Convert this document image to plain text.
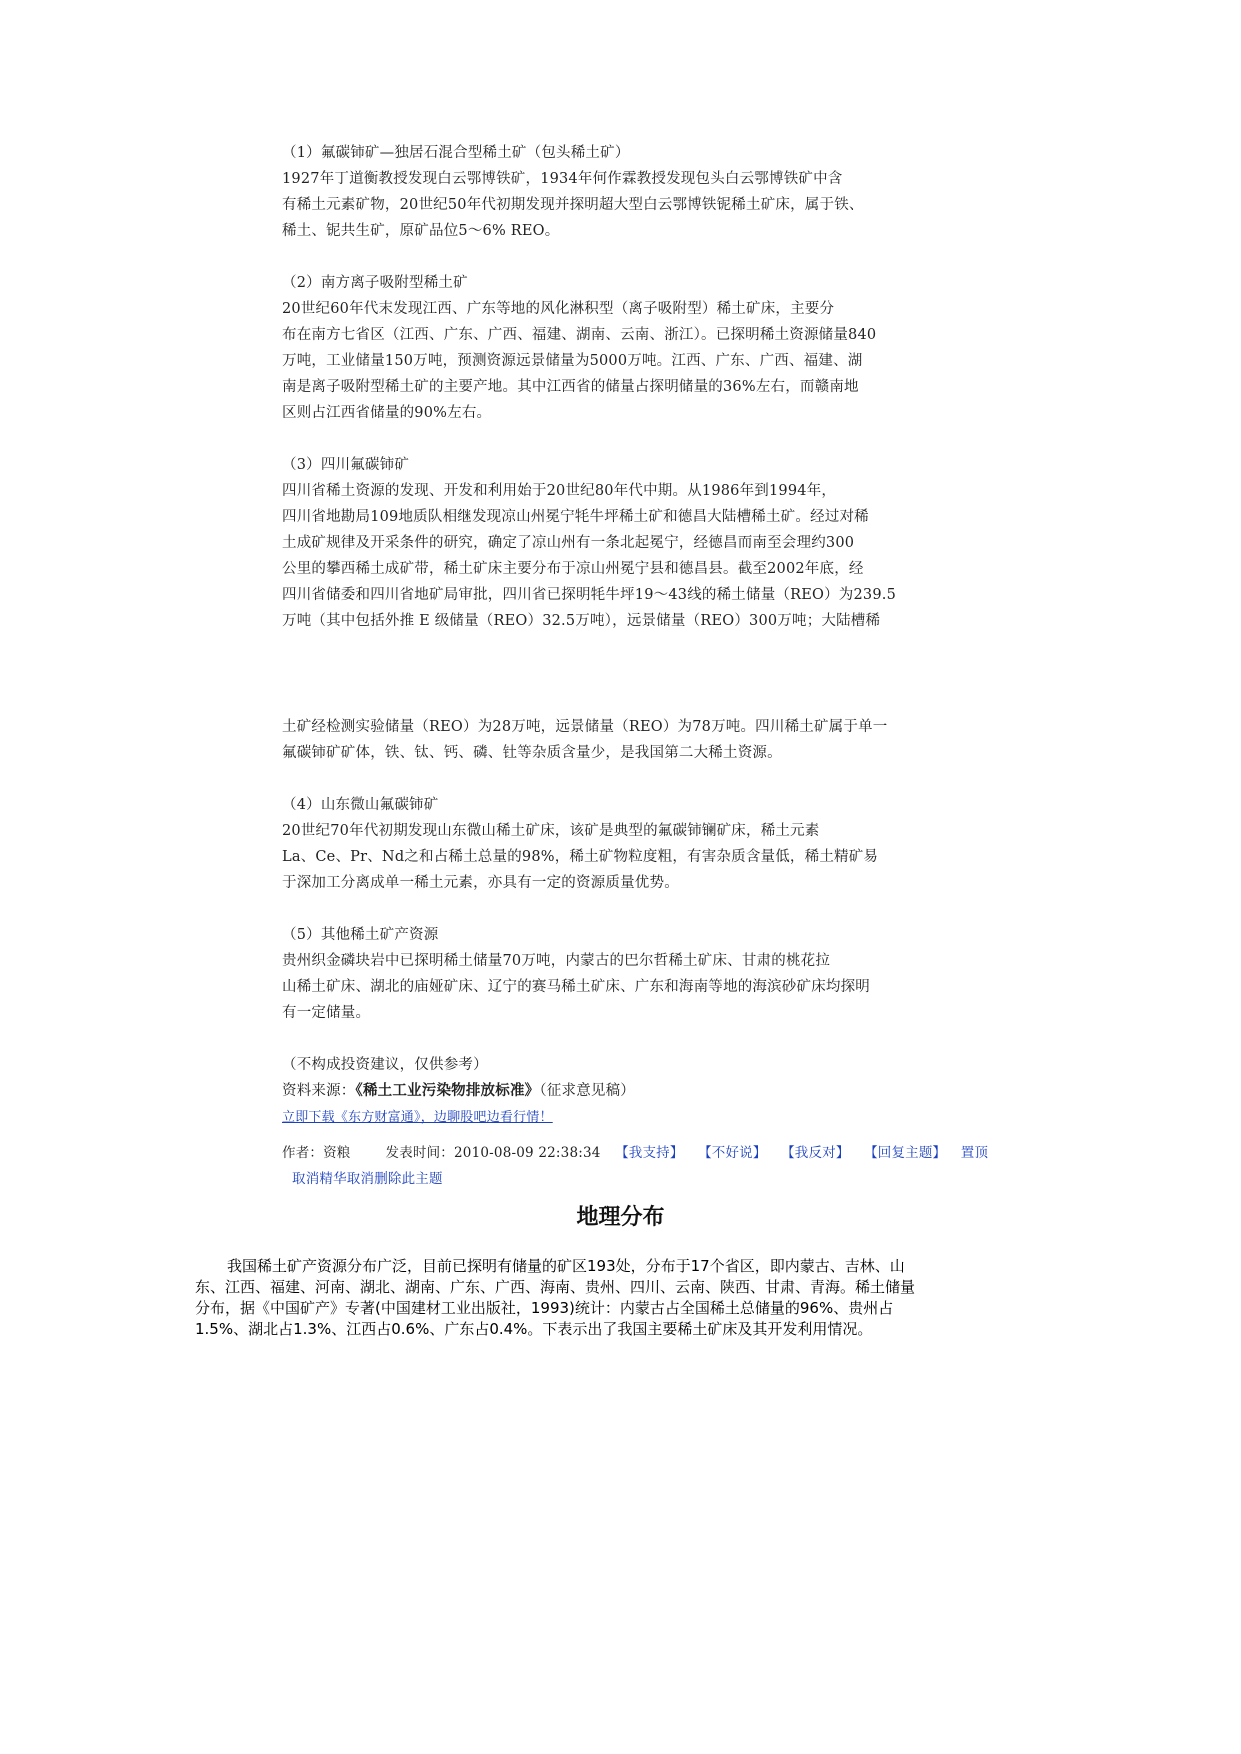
（1）氟碳铈矿—独居石混合型稀土矿（包头稀土矿）
1927年丁道衡教授发现白云鄂博铁矿，1934年何作霖教授发现包头白云鄂博铁矿中含
有稀土元素矿物，20世纪50年代初期发现并探明超大型白云鄂博铁铌稀土矿床，属于铁、
稀土、铌共生矿，原矿品位5～6% REO。
（2）南方离子吸附型稀土矿
20世纪60年代末发现江西、广东等地的风化淋积型（离子吸附型）稀土矿床，主要分
布在南方七省区（江西、广东、广西、福建、湖南、云南、浙江）。已探明稀土资源储量840
万吨，工业储量150万吨，预测资源远景储量为5000万吨。江西、广东、广西、福建、湖
南是离子吸附型稀土矿的主要产地。其中江西省的储量占探明储量的36%左右，而赣南地
区则占江西省储量的90%左右。
（3）四川氟碳铈矿
四川省稀土资源的发现、开发和利用始于20世纪80年代中期。从1986年到1994年，
四川省地勘局109地质队相继发现凉山州冕宁牦牛坪稀土矿和德昌大陆槽稀土矿。经过对稀
土成矿规律及开采条件的研究，确定了凉山州有一条北起冕宁，经德昌而南至会理约300
公里的攀西稀土成矿带，稀土矿床主要分布于凉山州冕宁县和德昌县。截至2002年底，经
四川省储委和四川省地矿局审批，四川省已探明牦牛坪19～43线的稀土储量（REO）为239.5
万吨（其中包括外推 E 级储量（REO）32.5万吨），远景储量（REO）300万吨；大陆槽稀
土矿经检测实验储量（REO）为28万吨，远景储量（REO）为78万吨。四川稀土矿属于单一
氟碳铈矿矿体，铁、钛、钙、磷、钍等杂质含量少，是我国第二大稀土资源。
（4）山东微山氟碳铈矿
20世纪70年代初期发现山东微山稀土矿床，该矿是典型的氟碳铈镧矿床，稀土元素
La、Ce、Pr、Nd之和占稀土总量的98%，稀土矿物粒度粗，有害杂质含量低，稀土精矿易
于深加工分离成单一稀土元素，亦具有一定的资源质量优势。
（5）其他稀土矿产资源
贵州织金磷块岩中已探明稀土储量70万吨，内蒙古的巴尔哲稀土矿床、甘肃的桃花拉
山稀土矿床、湖北的庙娅矿床、辽宁的赛马稀土矿床、广东和海南等地的海滨砂矿床均探明
有一定储量。
（不构成投资建议，仅供参考）
资料来源：《稀土工业污染物排放标准》（征求意见稿）
立即下载《东方财富通》，边聊股吧边看行情！
作者：资粮	发表时间：2010-08-09 22:38:34 【我支持】 【不好说】 【我反对】 【回复主题】 置顶
取消精华取消删除此主题
地理分布
我国稀土矿产资源分布广泛，目前已探明有储量的矿区193处，分布于17个省区，即内蒙古、吉林、山
东、江西、福建、河南、湖北、湖南、广东、广西、海南、贵州、四川、云南、陕西、甘肃、青海。稀土储量
分布，据《中国矿产》专著(中国建材工业出版社，1993)统计：内蒙古占全国稀土总储量的96%、贵州占
1.5%、湖北占1.3%、江西占0.6%、广东占0.4%。下表示出了我国主要稀土矿床及其开发利用情况。
